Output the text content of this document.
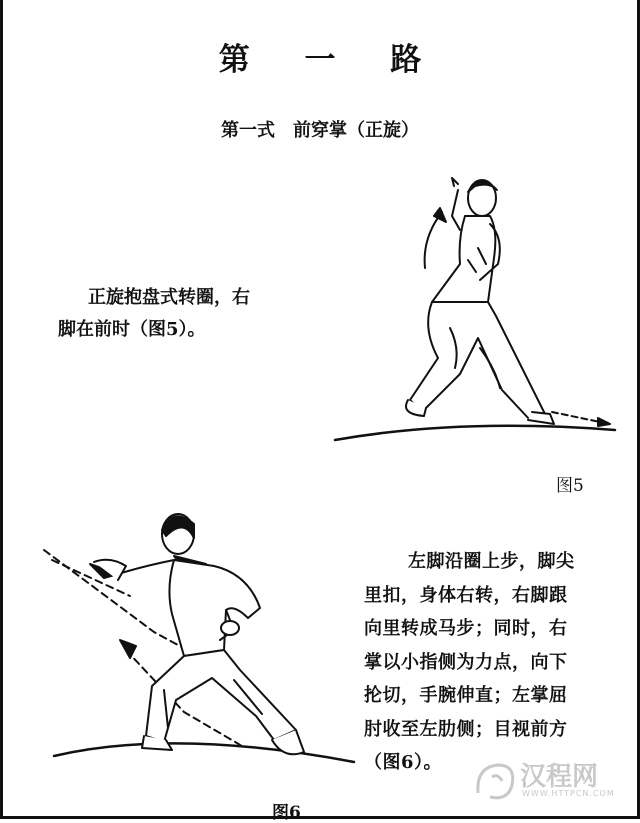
第 一 路
第一式 前穿掌（正旋）
正旋抱盘式转圈，右
脚在前时（图5）。
图5
左脚沿圈上步，脚尖
里扣，身体右转，右脚跟
向里转成马步；同时，右
掌以小指侧为力点，向下
抡切，手腕伸直；左掌屈
肘收至左肋侧；目视前方
（图6）。
图6
汉程网
WWW.HTTPCN.COM
